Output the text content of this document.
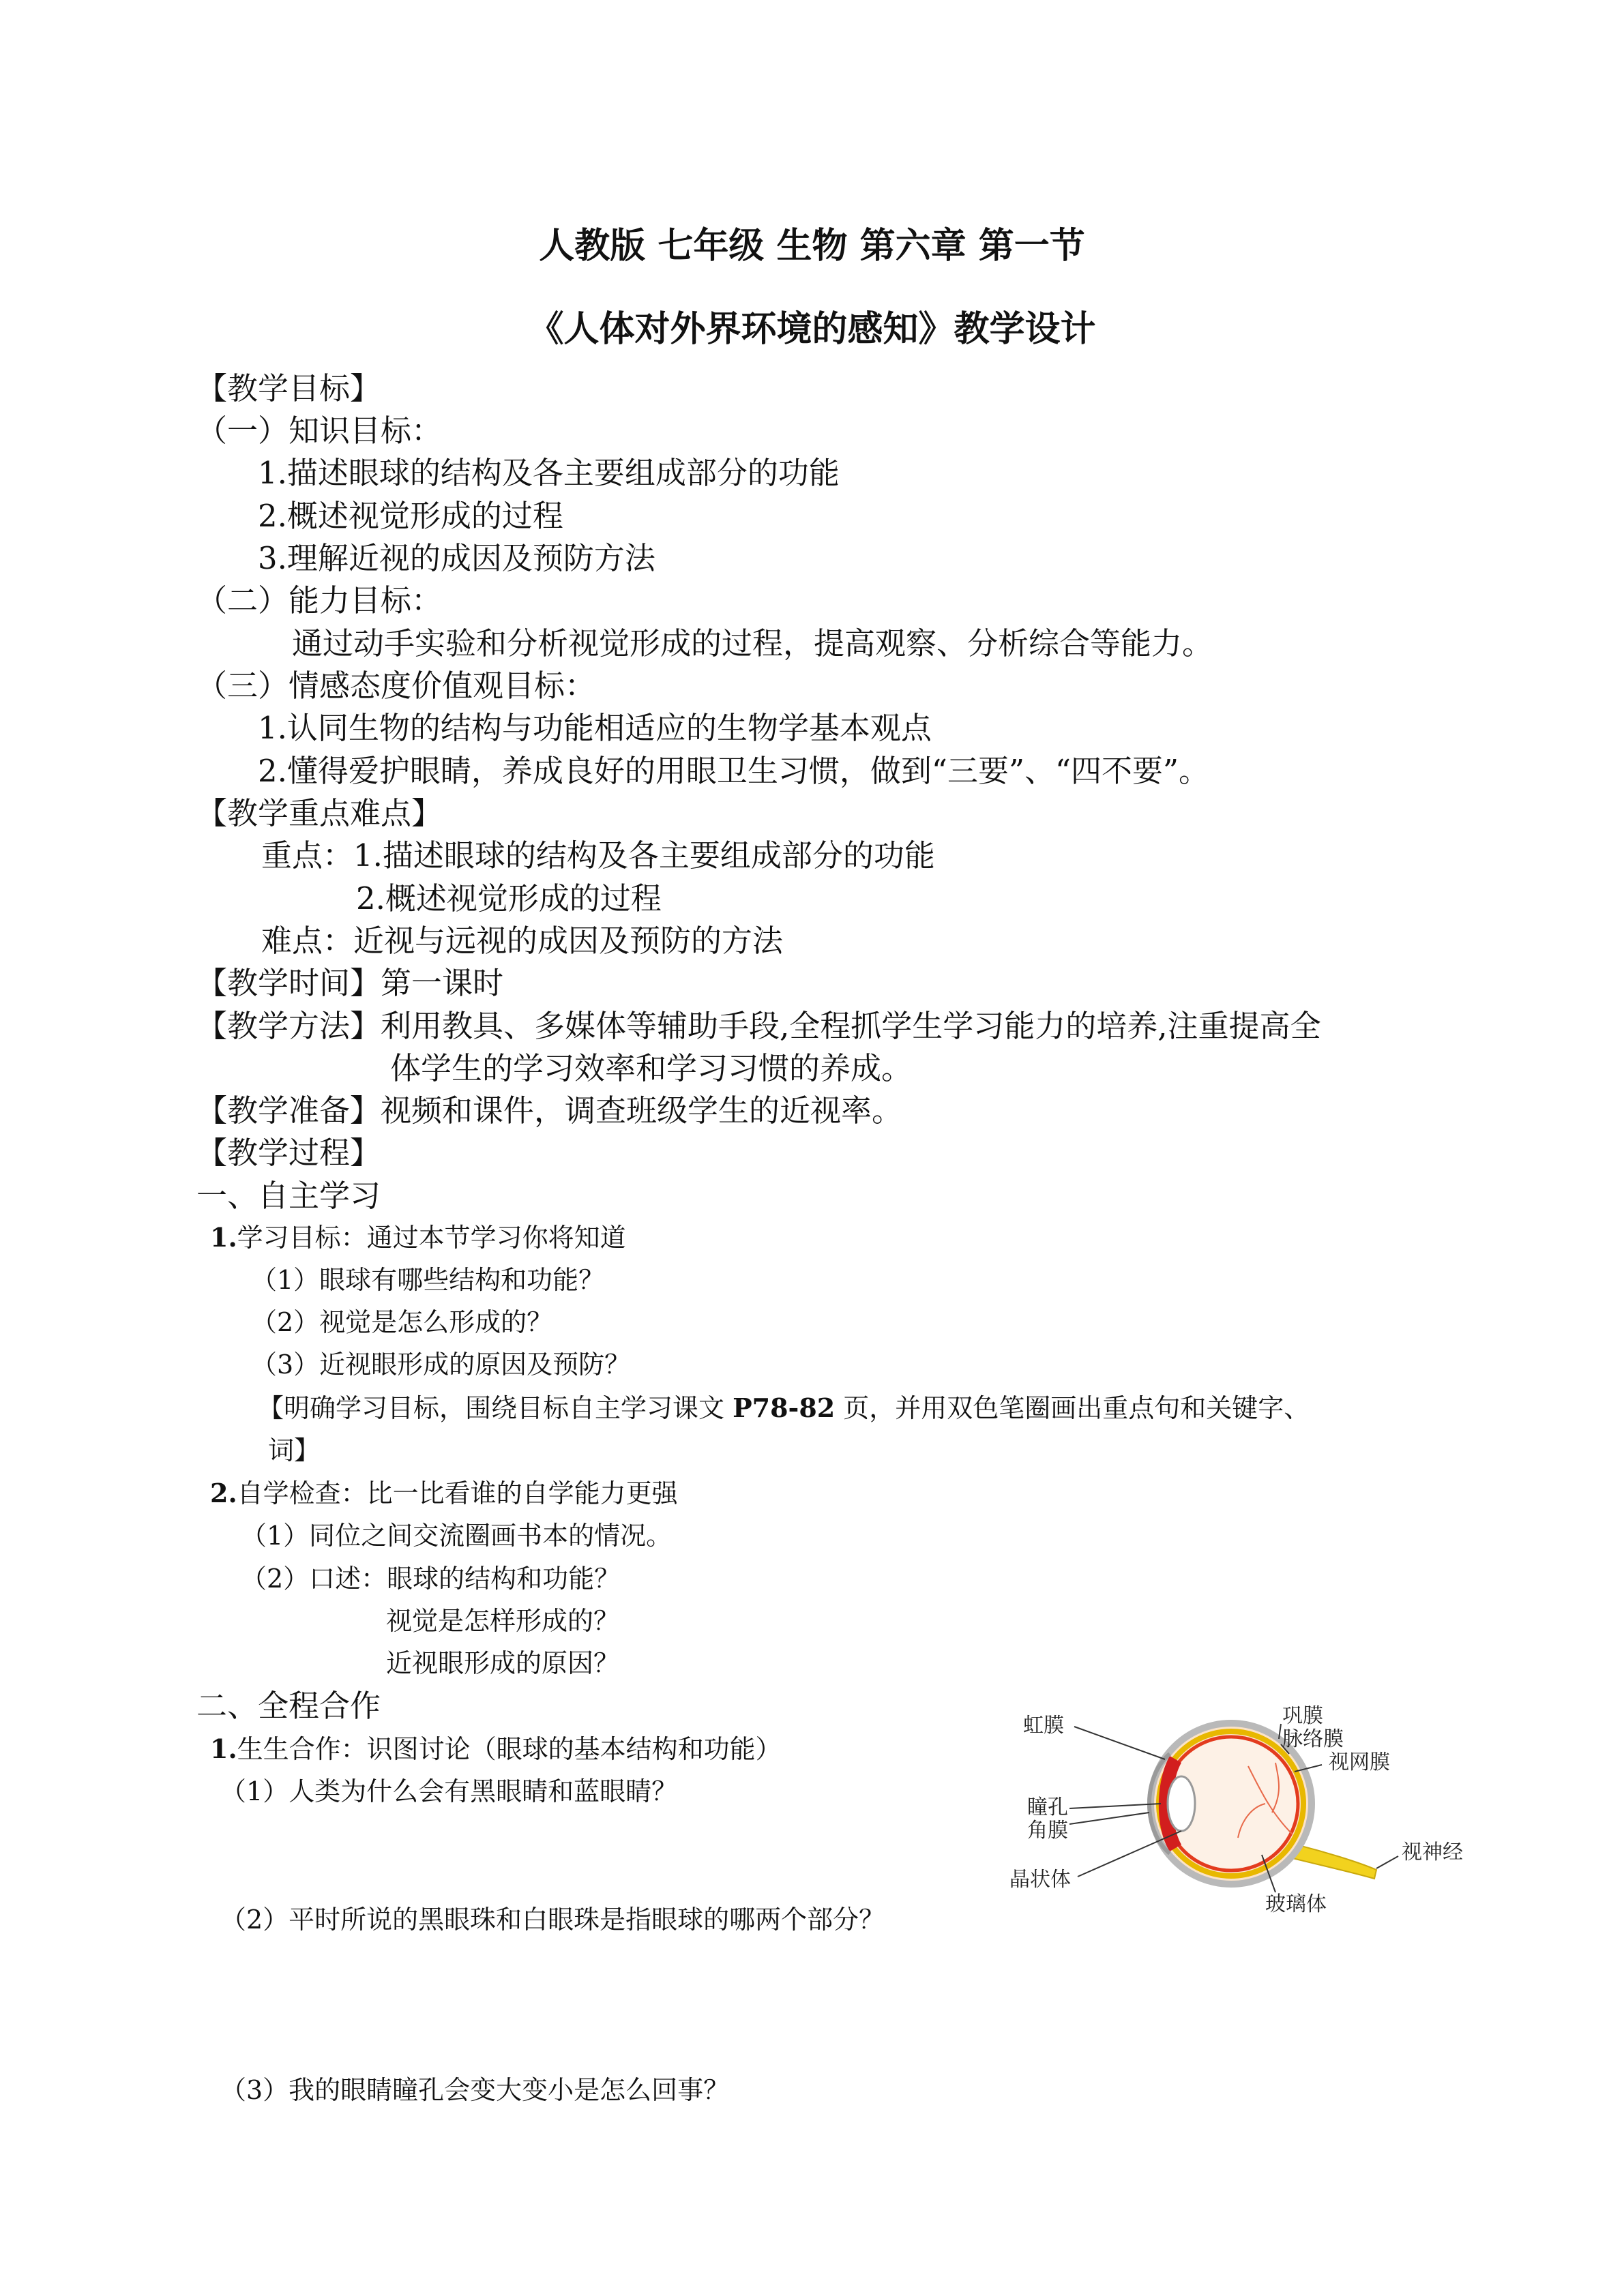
人教版 七年级 生物 第六章 第一节
《人体对外界环境的感知》教学设计
【教学目标】
（一）知识目标：
1.描述眼球的结构及各主要组成部分的功能
2.概述视觉形成的过程
3.理解近视的成因及预防方法
（二）能力目标：
通过动手实验和分析视觉形成的过程，提高观察、分析综合等能力。
（三）情感态度价值观目标：
1.认同生物的结构与功能相适应的生物学基本观点
2.懂得爱护眼睛，养成良好的用眼卫生习惯，做到“三要”、“四不要”。
【教学重点难点】
重点：1.描述眼球的结构及各主要组成部分的功能
2.概述视觉形成的过程
难点：近视与远视的成因及预防的方法
【教学时间】第一课时
【教学方法】利用教具、多媒体等辅助手段,全程抓学生学习能力的培养,注重提高全
体学生的学习效率和学习习惯的养成。
【教学准备】视频和课件，调查班级学生的近视率。
【教学过程】
一、自主学习
1.学习目标：通过本节学习你将知道
（1）眼球有哪些结构和功能？
（2）视觉是怎么形成的？
（3）近视眼形成的原因及预防？
【明确学习目标，围绕目标自主学习课文 P78-82 页，并用双色笔圈画出重点句和关键字、
词】
2.自学检查：比一比看谁的自学能力更强
（1）同位之间交流圈画书本的情况。
（2）口述：眼球的结构和功能？
视觉是怎样形成的？
近视眼形成的原因？
二、全程合作
1.生生合作：识图讨论（眼球的基本结构和功能）
（1）人类为什么会有黑眼睛和蓝眼睛？
（2）平时所说的黑眼珠和白眼珠是指眼球的哪两个部分？
（3）我的眼睛瞳孔会变大变小是怎么回事？
虹膜
瞳孔
角膜
晶状体
巩膜
脉络膜
视网膜
视神经
玻璃体
